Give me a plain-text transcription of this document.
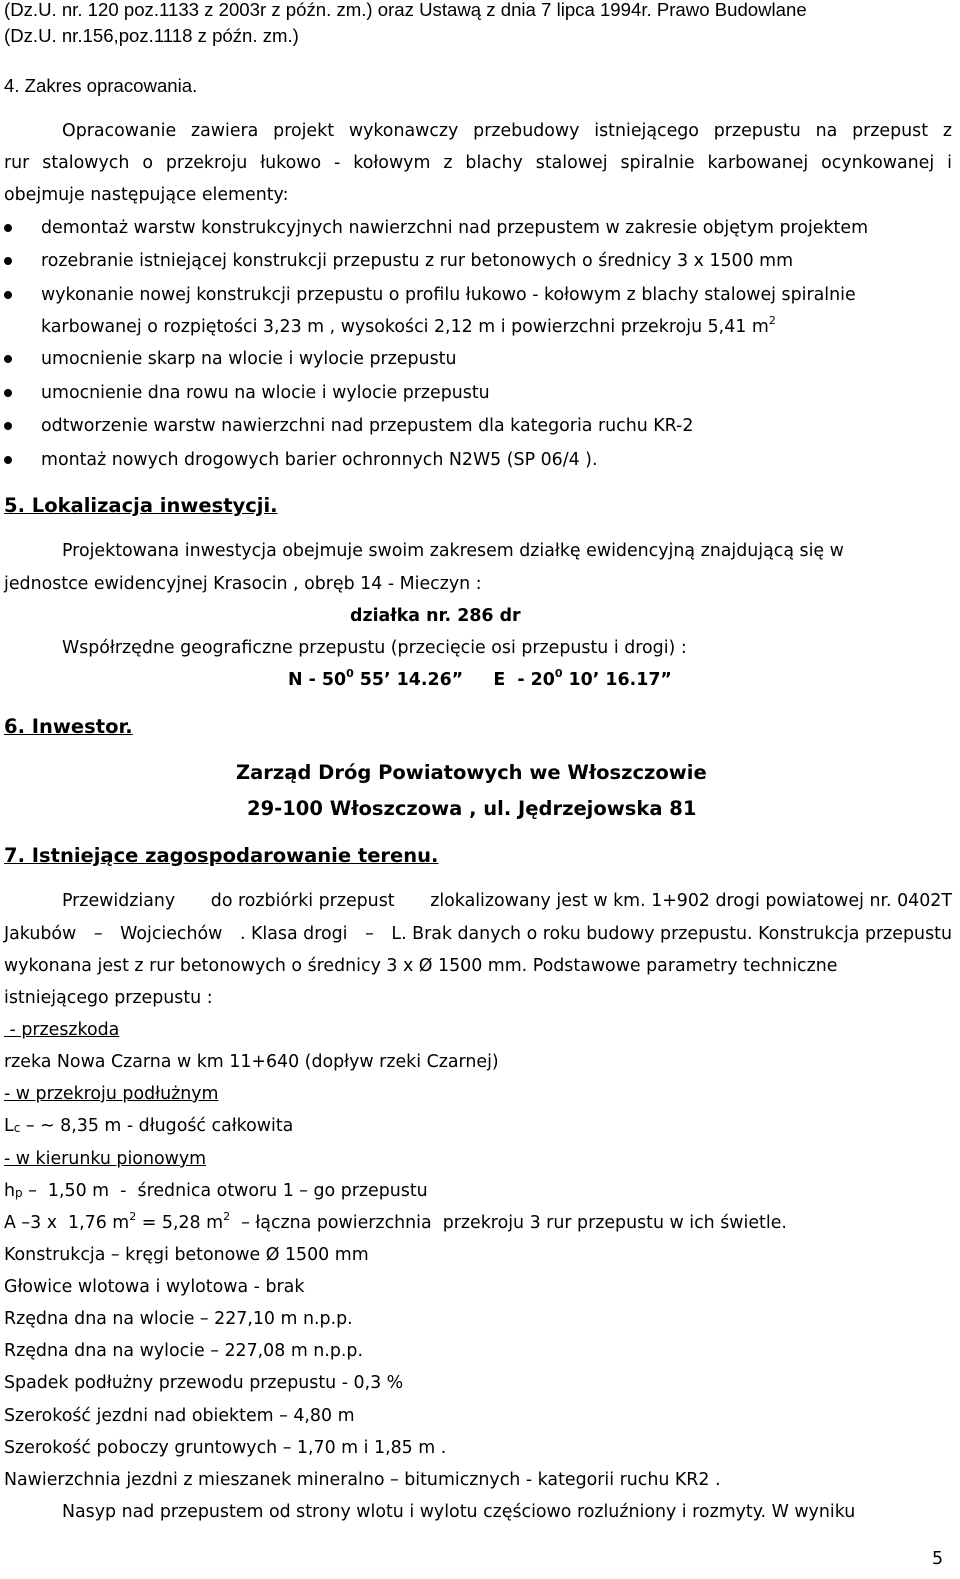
(Dz.U. nr. 120 poz.1133 z 2003r z późn. zm.) oraz Ustawą z dnia 7 lipca 1994r. Prawo Budowlane
(Dz.U. nr.156,poz.1118 z późn. zm.)
4. Zakres opracowania.
Opracowanie zawiera projekt wykonawczy przebudowy istniejącego przepustu na przepust z
rur stalowych o przekroju łukowo - kołowym z blachy stalowej spiralnie karbowanej ocynkowanej i
obejmuje następujące elementy:
demontaż warstw konstrukcyjnych nawierzchni nad przepustem w zakresie objętym projektem
rozebranie istniejącej konstrukcji przepustu z rur betonowych o średnicy 3 x 1500 mm
wykonanie nowej konstrukcji przepustu o profilu łukowo - kołowym z blachy stalowej spiralnie
karbowanej o rozpiętości 3,23 m , wysokości 2,12 m i powierzchni przekroju 5,41 $m^2$
umocnienie skarp na wlocie i wylocie przepustu
umocnienie dna rowu na wlocie i wylocie przepustu
odtworzenie warstw nawierzchni nad przepustem dla kategoria ruchu KR-2
montaż nowych drogowych barier ochronnych N2W5 (SP 06/4 ).
5. Lokalizacja inwestycji.
Projektowana inwestycja obejmuje swoim zakresem działkę ewidencyjną znajdującą się w
jednostce ewidencyjnej Krasocin , obręb 14 - Mieczyn :
działka nr. 286 dr
Współrzędne geograficzne przepustu (przecięcie osi przepustu i drogi) :
N - $50^0$ 55’ 14.26”     E  - $20^0$ 10’ 16.17”
6. Inwestor.
Zarząd Dróg Powiatowych we Włoszczowie
29-100 Włoszczowa , ul. Jędrzejowska 81
7. Istniejące zagospodarowanie terenu.
Przewidziany do rozbiórki przepust zlokalizowany jest w km. 1+902 drogi powiatowej nr. 0402T
Jakubów – Wojciechów . Klasa drogi – L. Brak danych o roku budowy przepustu. Konstrukcja przepustu
wykonana jest z rur betonowych o średnicy 3 x Ø 1500 mm. Podstawowe parametry techniczne
istniejącego przepustu :
- przeszkoda
rzeka Nowa Czarna w km 11+640 (dopływ rzeki Czarnej)
- w przekroju podłużnym
$L_c$ – ~ 8,35 m - długość całkowita
- w kierunku pionowym
$h_p - 1,50$ m  -  średnica otworu 1 – go przepustu
A –3 x  1,76 $m^2 = 5,28$ $m^2$  – łączna powierzchnia  przekroju 3 rur przepustu w ich świetle.
Konstrukcja – kręgi betonowe Ø 1500 mm
Głowice wlotowa i wylotowa - brak
Rzędna dna na wlocie – 227,10 m n.p.p.
Rzędna dna na wylocie – 227,08 m n.p.p.
Spadek podłużny przewodu przepustu - 0,3 %
Szerokość jezdni nad obiektem – 4,80 m
Szerokość poboczy gruntowych – 1,70 m i 1,85 m .
Nawierzchnia jezdni z mieszanek mineralno – bitumicznych - kategorii ruchu KR2 .
Nasyp nad przepustem od strony wlotu i wylotu częściowo rozluźniony i rozmyty. W wyniku
5
